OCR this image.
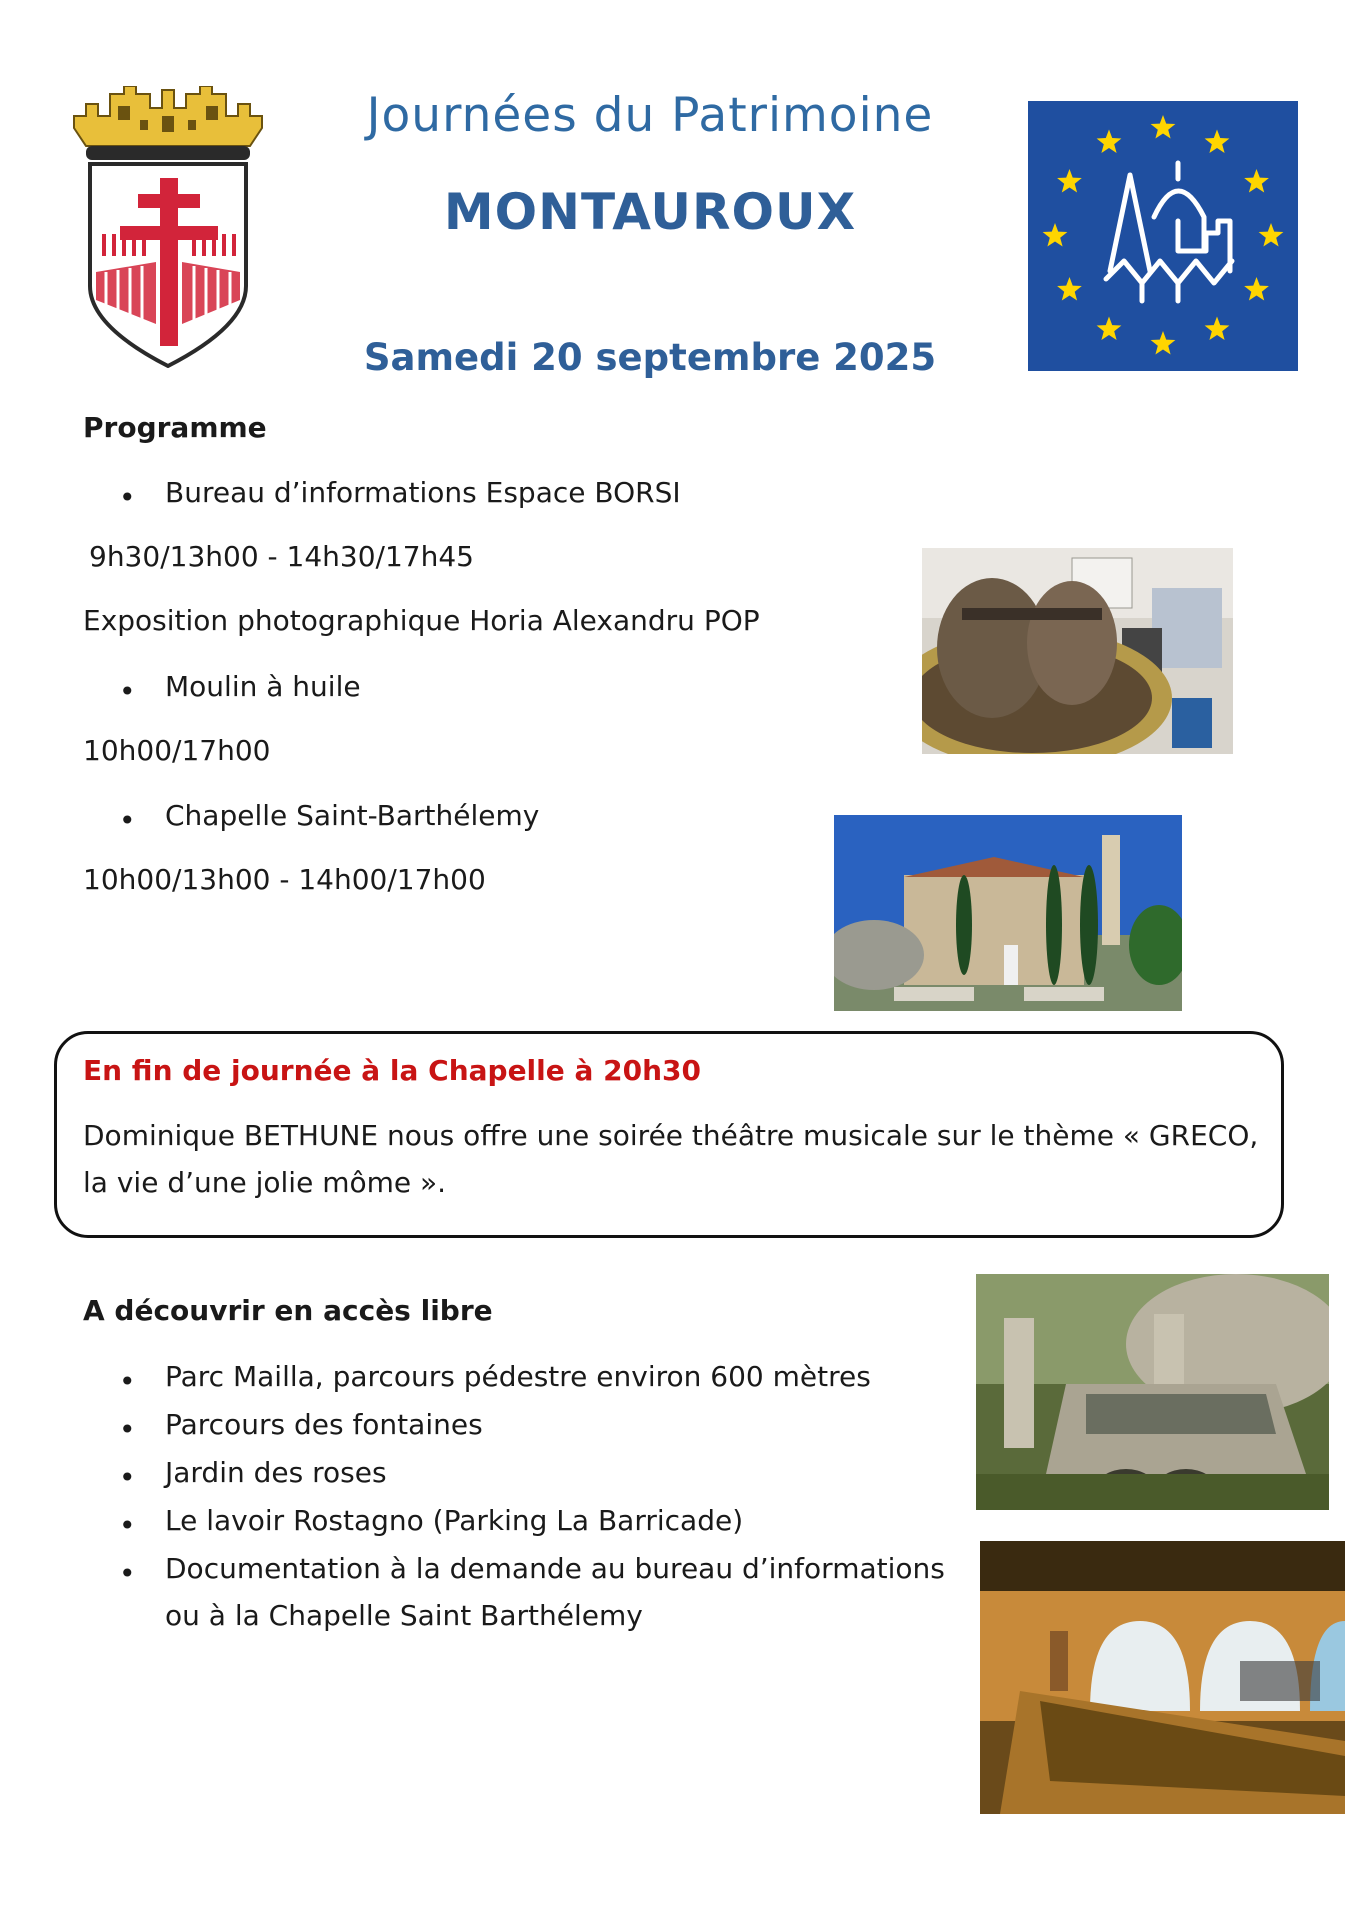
Journées du Patrimoine
MONTAUROUX
Samedi 20 septembre 2025
Programme
• Bureau d’informations Espace BORSI
9h30/13h00 - 14h30/17h45
Exposition photographique Horia Alexandru POP
• Moulin à huile
10h00/17h00
• Chapelle Saint-Barthélemy
10h00/13h00 - 14h00/17h00
En fin de journée à la Chapelle à 20h30
Dominique BETHUNE nous offre une soirée théâtre musicale sur le thème « GRECO, la vie d’une jolie môme ».
A découvrir en accès libre
• Parc Mailla, parcours pédestre environ 600 mètres
• Parcours des fontaines
• Jardin des roses
• Le lavoir Rostagno (Parking La Barricade)
• Documentation à la demande au bureau d’informations
ou à la Chapelle Saint Barthélemy
